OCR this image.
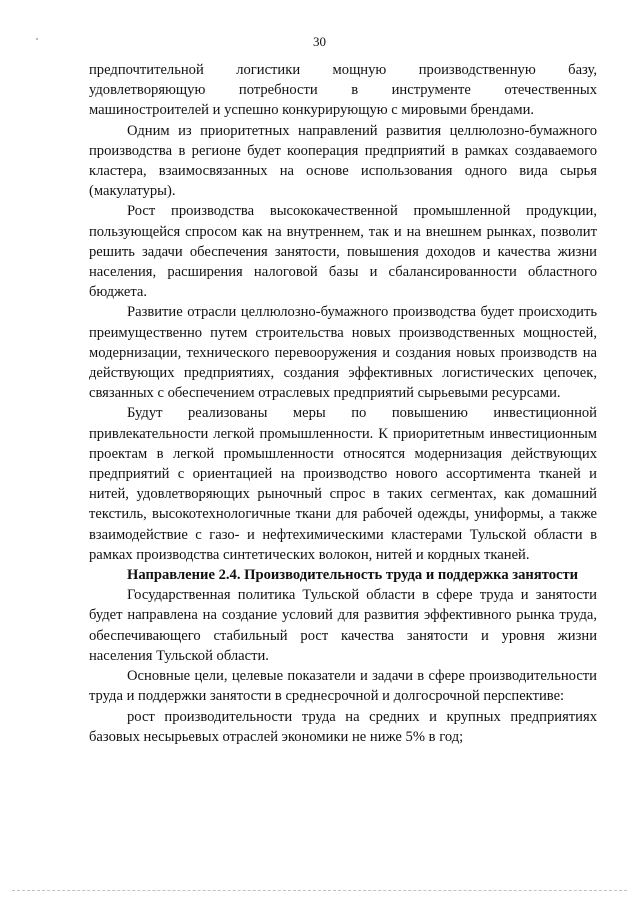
30

предпочтительной логистики мощную производственную базу, удовлетворяющую потребности в инструменте отечественных машиностроителей и успешно конкурирующую с мировыми брендами.

Одним из приоритетных направлений развития целлюлозно-бумажного производства в регионе будет кооперация предприятий в рамках создаваемого кластера, взаимосвязанных на основе использования одного вида сырья (макулатуры).

Рост производства высококачественной промышленной продукции, пользующейся спросом как на внутреннем, так и на внешнем рынках, позволит решить задачи обеспечения занятости, повышения доходов и качества жизни населения, расширения налоговой базы и сбалансированности областного бюджета.

Развитие отрасли целлюлозно-бумажного производства будет происходить преимущественно путем строительства новых производственных мощностей, модернизации, технического перевооружения и создания новых производств на действующих предприятиях, создания эффективных логистических цепочек, связанных с обеспечением отраслевых предприятий сырьевыми ресурсами.

Будут реализованы меры по повышению инвестиционной привлекательности легкой промышленности. К приоритетным инвестиционным проектам в легкой промышленности относятся модернизация действующих предприятий с ориентацией на производство нового ассортимента тканей и нитей, удовлетворяющих рыночный спрос в таких сегментах, как домашний текстиль, высокотехнологичные ткани для рабочей одежды, униформы, а также взаимодействие с газо- и нефтехимическими кластерами Тульской области в рамках производства синтетических волокон, нитей и кордных тканей.

Направление 2.4. Производительность труда и поддержка занятости

Государственная политика Тульской области в сфере труда и занятости будет направлена на создание условий для развития эффективного рынка труда, обеспечивающего стабильный рост качества занятости и уровня жизни населения Тульской области.

Основные цели, целевые показатели и задачи в сфере производительности труда и поддержки занятости в среднесрочной и долгосрочной перспективе:

рост производительности труда на средних и крупных предприятиях базовых несырьевых отраслей экономики не ниже 5% в год;
